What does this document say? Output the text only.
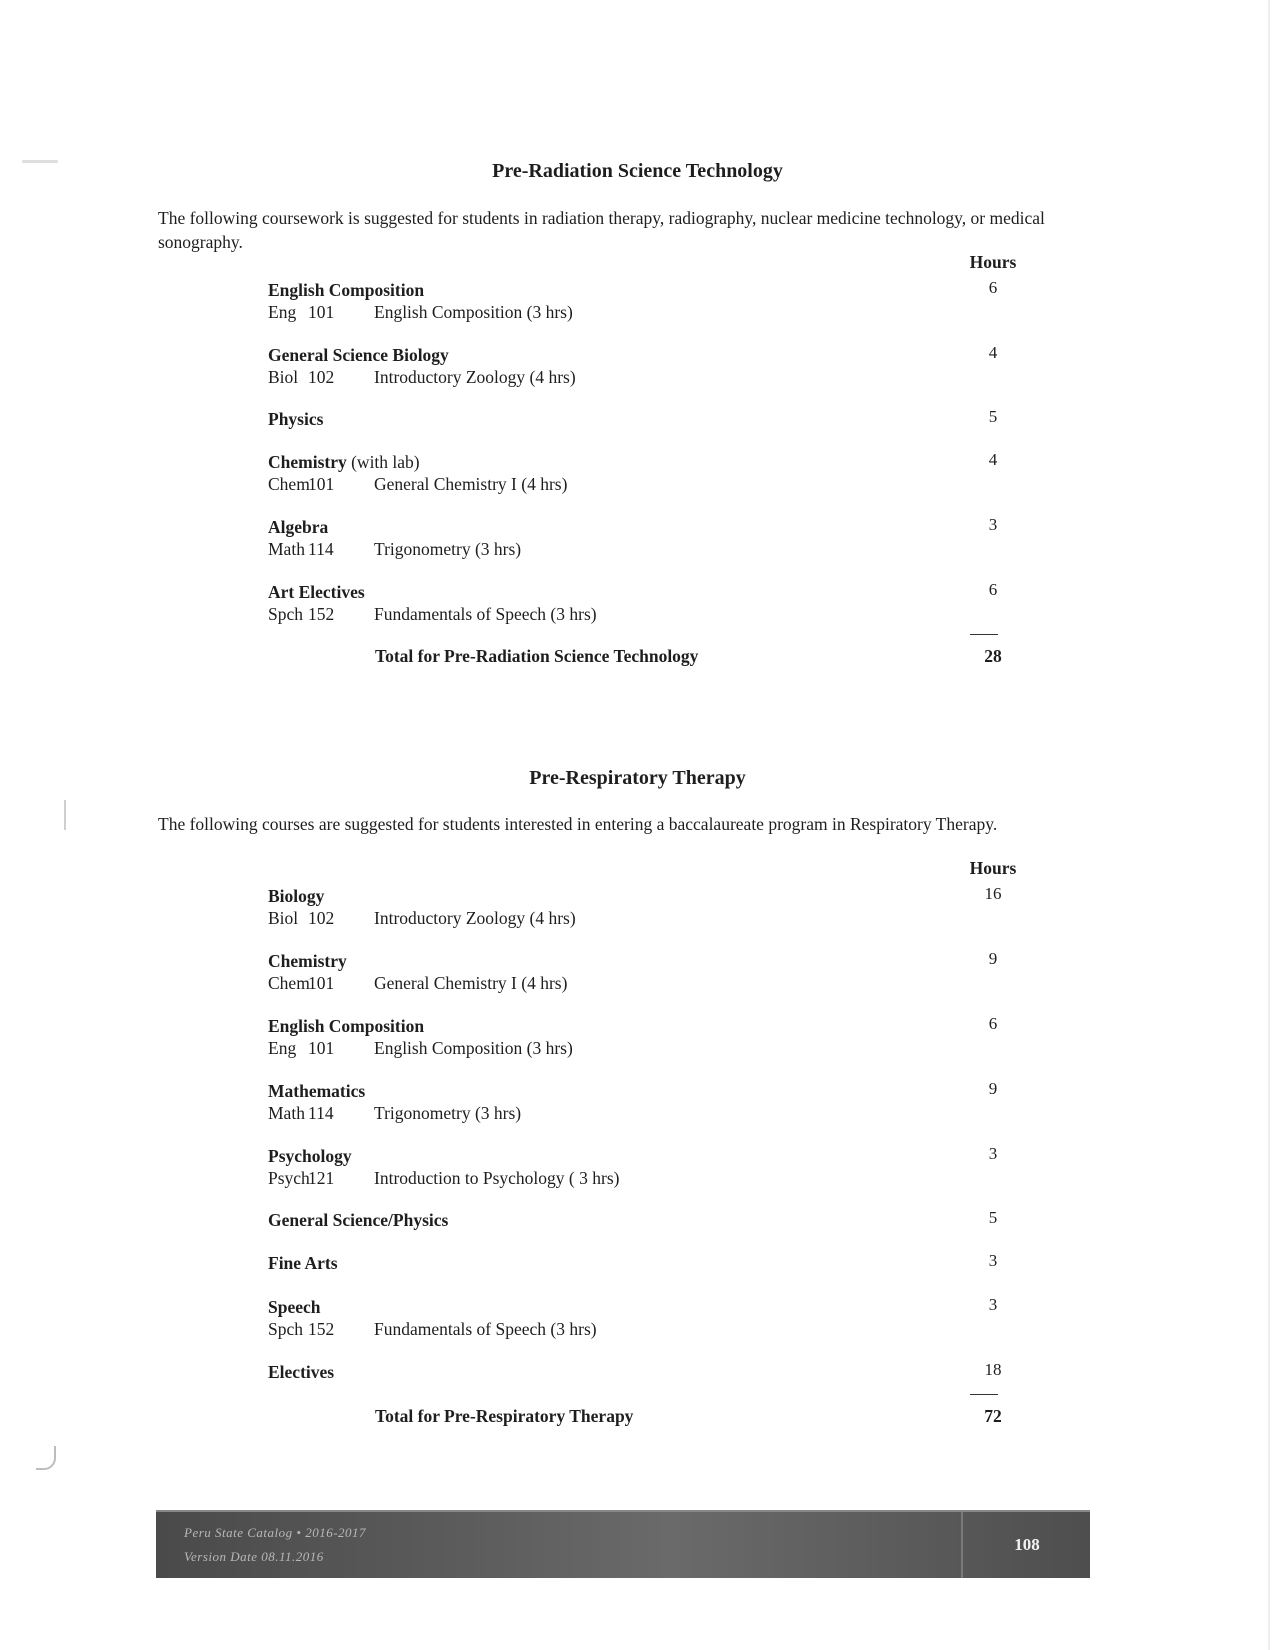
Pre-Radiation Science Technology
The following coursework is suggested for students in radiation therapy, radiography, nuclear medicine technology, or medical sonography.
Hours
English Composition	6
Eng 101 English Composition (3 hrs)
General Science Biology	4
Biol 102 Introductory Zoology (4 hrs)
Physics	5
Chemistry (with lab)	4
Chem101 General Chemistry I (4 hrs)
Algebra	3
Math 114 Trigonometry (3 hrs)
Art Electives	6
Spch 152 Fundamentals of Speech (3 hrs)
Total for Pre-Radiation Science Technology	28
Pre-Respiratory Therapy
The following courses are suggested for students interested in entering a baccalaureate program in Respiratory Therapy.
Hours
Biology	16
Biol 102 Introductory Zoology (4 hrs)
Chemistry	9
Chem101 General Chemistry I (4 hrs)
English Composition	6
Eng 101 English Composition (3 hrs)
Mathematics	9
Math 114 Trigonometry (3 hrs)
Psychology	3
Psych121 Introduction to Psychology ( 3 hrs)
General Science/Physics	5
Fine Arts	3
Speech	3
Spch 152 Fundamentals of Speech (3 hrs)
Electives	18
Total for Pre-Respiratory Therapy	72
Peru State Catalog • 2016-2017
Version Date 08.11.2016
108
